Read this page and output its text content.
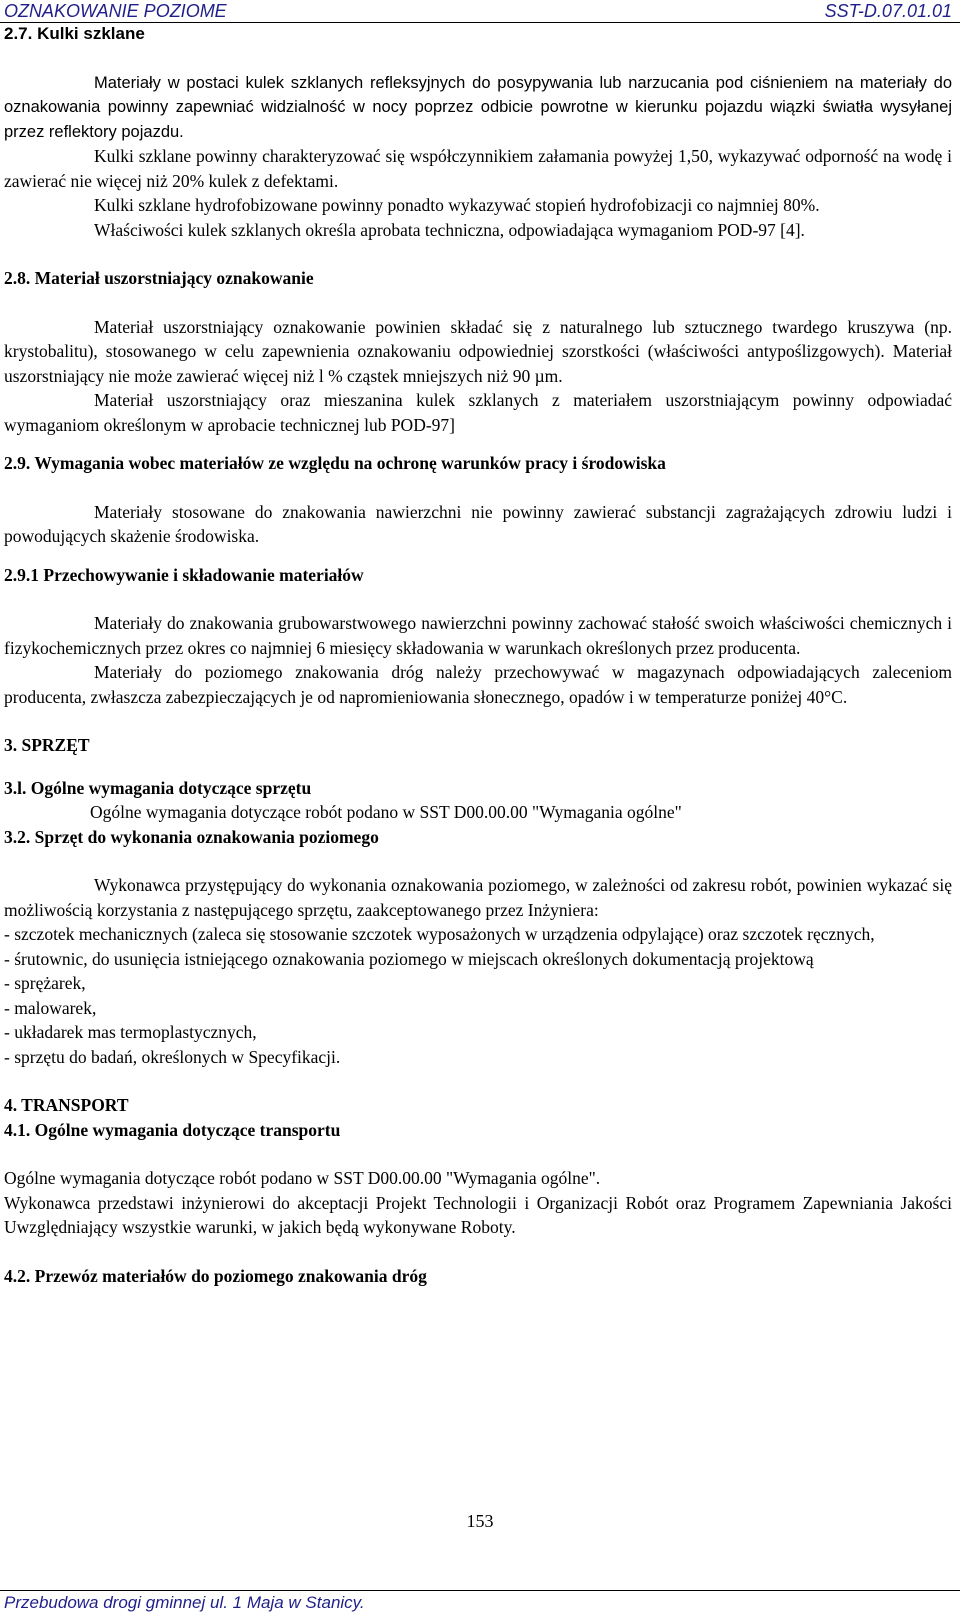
OZNAKOWANIE POZIOME	SST-D.07.01.01

2.7. Kulki szklane

Materiały w postaci kulek szklanych refleksyjnych do posypywania lub narzucania pod ciśnieniem na materiały do oznakowania powinny zapewniać widzialność w nocy poprzez odbicie powrotne w kierunku pojazdu wiązki światła wysyłanej przez reflektory pojazdu.

Kulki szklane powinny charakteryzować się współczynnikiem załamania powyżej 1,50, wykazywać odporność na wodę i zawierać nie więcej niż 20% kulek z defektami.

Kulki szklane hydrofobizowane powinny ponadto wykazywać stopień hydrofobizacji co najmniej 80%.

Właściwości kulek szklanych określa aprobata techniczna, odpowiadająca wymaganiom POD-97 [4].

2.8. Materiał uszorstniający oznakowanie

Materiał uszorstniający oznakowanie powinien składać się z naturalnego lub sztucznego twardego kruszywa (np. krystobalitu), stosowanego w celu zapewnienia oznakowaniu odpowiedniej szorstkości (właściwości antypoślizgowych). Materiał uszorstniający nie może zawierać więcej niż l % cząstek mniejszych niż 90 µm.

Materiał uszorstniający oraz mieszanina kulek szklanych z materiałem uszorstniającym powinny odpowiadać wymaganiom określonym w aprobacie technicznej lub POD-97]

2.9. Wymagania wobec materiałów ze względu na ochronę warunków pracy i środowiska

Materiały stosowane do znakowania nawierzchni nie powinny zawierać substancji zagrażających zdrowiu ludzi i powodujących skażenie środowiska.

2.9.1 Przechowywanie i składowanie materiałów

Materiały do znakowania grubowarstwowego nawierzchni powinny zachować stałość swoich właściwości chemicznych i fizykochemicznych przez okres co najmniej 6 miesięcy składowania w warunkach określonych przez producenta.

Materiały do poziomego znakowania dróg należy przechowywać w magazynach odpowiadających zaleceniom producenta, zwłaszcza zabezpieczających je od napromieniowania słonecznego, opadów i w temperaturze poniżej 40°C.

3. SPRZĘT

3.l. Ogólne wymagania dotyczące sprzętu

Ogólne wymagania dotyczące robót podano w SST D00.00.00 "Wymagania ogólne"

3.2. Sprzęt do wykonania oznakowania poziomego

Wykonawca przystępujący do wykonania oznakowania poziomego, w zależności od zakresu robót, powinien wykazać się możliwością korzystania z następującego sprzętu, zaakceptowanego przez Inżyniera:

- szczotek mechanicznych (zaleca się stosowanie szczotek wyposażonych w urządzenia odpylające) oraz szczotek ręcznych,

- śrutownic, do usunięcia istniejącego oznakowania poziomego w miejscach określonych dokumentacją projektową

- sprężarek,

- malowarek,

- układarek mas termoplastycznych,

- sprzętu do badań, określonych w Specyfikacji.

4. TRANSPORT

4.1. Ogólne wymagania dotyczące transportu

Ogólne wymagania dotyczące robót podano w SST D00.00.00 "Wymagania ogólne".

Wykonawca przedstawi inżynierowi do akceptacji Projekt Technologii i Organizacji Robót oraz Programem Zapewniania Jakości Uwzględniający wszystkie warunki, w jakich będą wykonywane Roboty.

4.2. Przewóz materiałów do poziomego znakowania dróg

153
Przebudowa drogi gminnej ul. 1 Maja w Stanicy.
